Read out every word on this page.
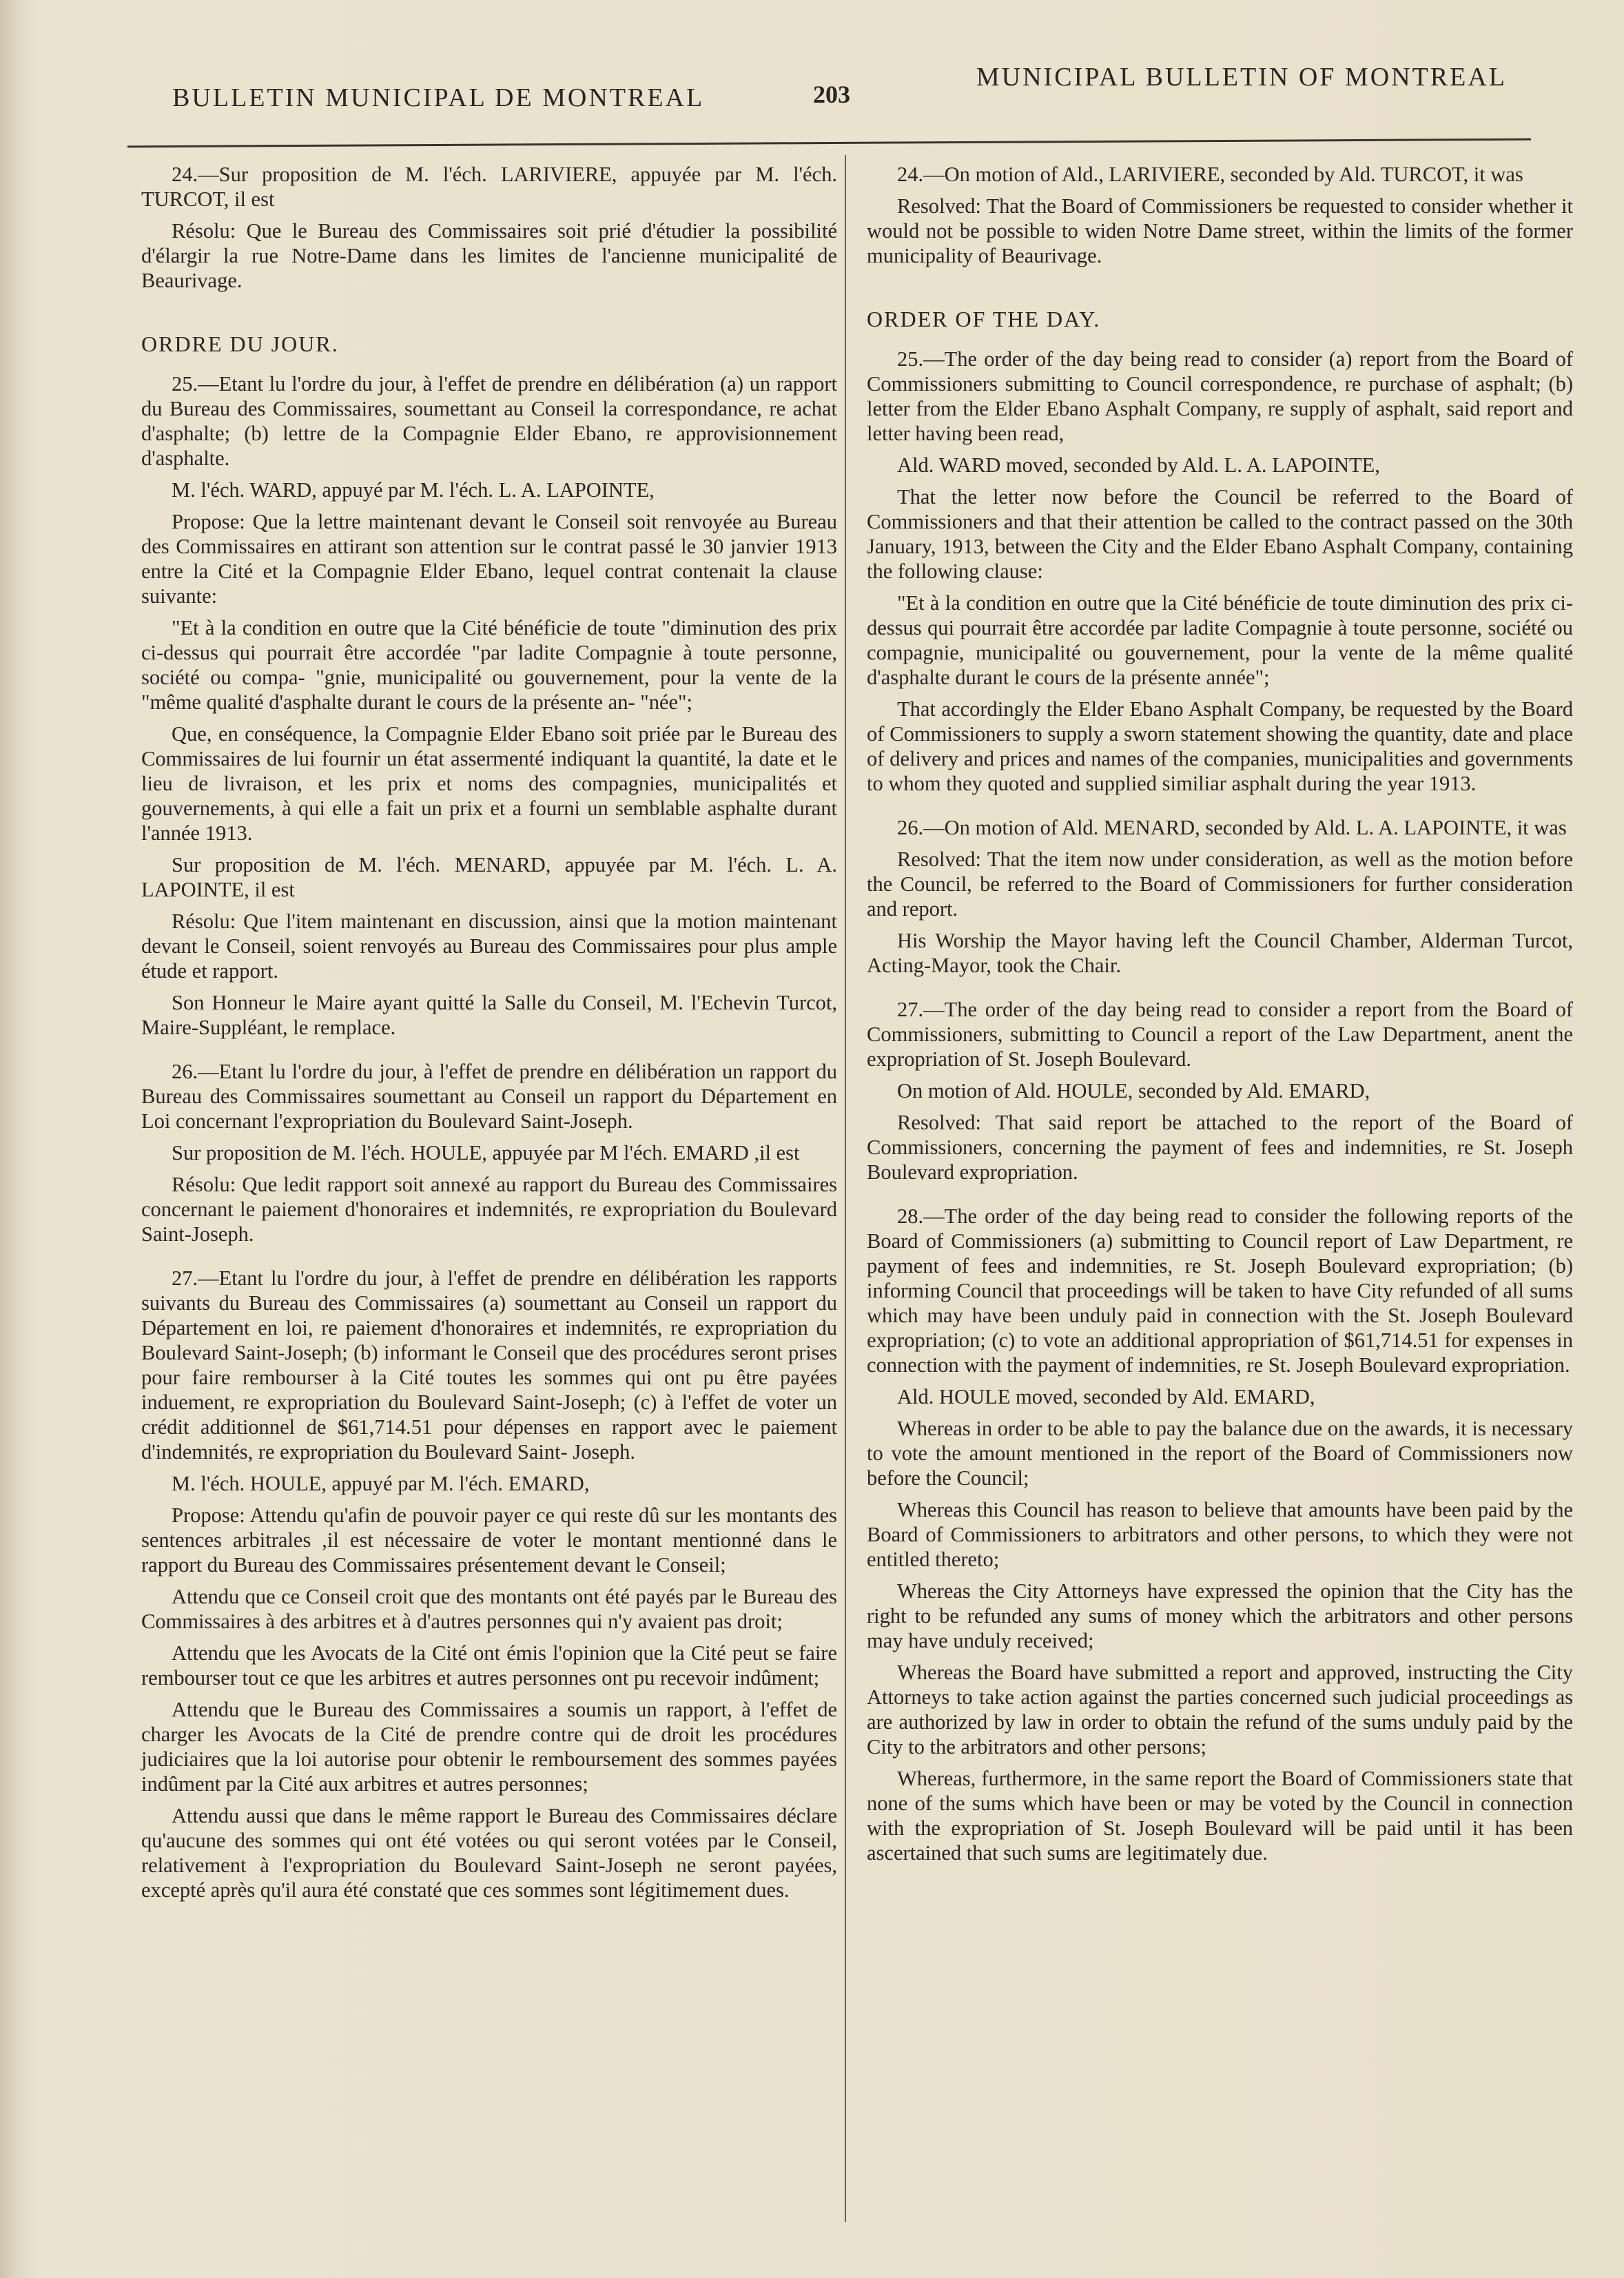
BULLETIN MUNICIPAL DE MONTREAL	203
MUNICIPAL BULLETIN OF MONTREAL

24.—Sur proposition de M. l'éch. LARIVIERE, appuyée par M. l'éch. TURCOT, il est

Résolu: Que le Bureau des Commissaires soit prié d'étudier la possibilité d'élargir la rue Notre-Dame dans les limites de l'ancienne municipalité de Beaurivage.

ORDRE DU JOUR.

25.—Etant lu l'ordre du jour, à l'effet de prendre en délibération (a) un rapport du Bureau des Commissaires, soumettant au Conseil la correspondance, re achat d'asphalte; (b) lettre de la Compagnie Elder Ebano, re approvisionnement d'asphalte.

M. l'éch. WARD, appuyé par M. l'éch. L. A. LAPOINTE,

Propose: Que la lettre maintenant devant le Conseil soit renvoyée au Bureau des Commissaires en attirant son attention sur le contrat passé le 30 janvier 1913 entre la Cité et la Compagnie Elder Ebano, lequel contrat contenait la clause suivante:

"Et à la condition en outre que la Cité bénéficie de toute "diminution des prix ci-dessus qui pourrait être accordée "par ladite Compagnie à toute personne, société ou compa- "gnie, municipalité ou gouvernement, pour la vente de la "même qualité d'asphalte durant le cours de la présente an- "née";

Que, en conséquence, la Compagnie Elder Ebano soit priée par le Bureau des Commissaires de lui fournir un état assermenté indiquant la quantité, la date et le lieu de livraison, et les prix et noms des compagnies, municipalités et gouvernements, à qui elle a fait un prix et a fourni un semblable asphalte durant l'année 1913.

Sur proposition de M. l'éch. MENARD, appuyée par M. l'éch. L. A. LAPOINTE, il est

Résolu: Que l'item maintenant en discussion, ainsi que la motion maintenant devant le Conseil, soient renvoyés au Bureau des Commissaires pour plus ample étude et rapport.

Son Honneur le Maire ayant quitté la Salle du Conseil, M. l'Echevin Turcot, Maire-Suppléant, le remplace.

26.—Etant lu l'ordre du jour, à l'effet de prendre en délibération un rapport du Bureau des Commissaires soumettant au Conseil un rapport du Département en Loi concernant l'expropriation du Boulevard Saint-Joseph.

Sur proposition de M. l'éch. HOULE, appuyée par M l'éch. EMARD ,il est

Résolu: Que ledit rapport soit annexé au rapport du Bureau des Commissaires concernant le paiement d'honoraires et indemnités, re expropriation du Boulevard Saint-Joseph.

27.—Etant lu l'ordre du jour, à l'effet de prendre en délibération les rapports suivants du Bureau des Commissaires (a) soumettant au Conseil un rapport du Département en loi, re paiement d'honoraires et indemnités, re expropriation du Boulevard Saint-Joseph; (b) informant le Conseil que des procédures seront prises pour faire rembourser à la Cité toutes les sommes qui ont pu être payées induement, re expropriation du Boulevard Saint-Joseph; (c) à l'effet de voter un crédit additionnel de $61,714.51 pour dépenses en rapport avec le paiement d'indemnités, re expropriation du Boulevard Saint- Joseph.

M. l'éch. HOULE, appuyé par M. l'éch. EMARD,

Propose: Attendu qu'afin de pouvoir payer ce qui reste dû sur les montants des sentences arbitrales ,il est nécessaire de voter le montant mentionné dans le rapport du Bureau des Commissaires présentement devant le Conseil;

Attendu que ce Conseil croit que des montants ont été payés par le Bureau des Commissaires à des arbitres et à d'autres personnes qui n'y avaient pas droit;

Attendu que les Avocats de la Cité ont émis l'opinion que la Cité peut se faire rembourser tout ce que les arbitres et autres personnes ont pu recevoir indûment;

Attendu que le Bureau des Commissaires a soumis un rapport, à l'effet de charger les Avocats de la Cité de prendre contre qui de droit les procédures judiciaires que la loi autorise pour obtenir le remboursement des sommes payées indûment par la Cité aux arbitres et autres personnes;

Attendu aussi que dans le même rapport le Bureau des Commissaires déclare qu'aucune des sommes qui ont été votées ou qui seront votées par le Conseil, relativement à l'expropriation du Boulevard Saint-Joseph ne seront payées, excepté après qu'il aura été constaté que ces sommes sont légitimement dues.

24.—On motion of Ald., LARIVIERE, seconded by Ald. TURCOT, it was

Resolved: That the Board of Commissioners be requested to consider whether it would not be possible to widen Notre Dame street, within the limits of the former municipality of Beaurivage.

ORDER OF THE DAY.

25.—The order of the day being read to consider (a) report from the Board of Commissioners submitting to Council correspondence, re purchase of asphalt; (b) letter from the Elder Ebano Asphalt Company, re supply of asphalt, said report and letter having been read,

Ald. WARD moved, seconded by Ald. L. A. LAPOINTE,

That the letter now before the Council be referred to the Board of Commissioners and that their attention be called to the contract passed on the 30th January, 1913, between the City and the Elder Ebano Asphalt Company, containing the following clause:

"Et à la condition en outre que la Cité bénéficie de toute diminution des prix ci-dessus qui pourrait être accordée par ladite Compagnie à toute personne, société ou compagnie, municipalité ou gouvernement, pour la vente de la même qualité d'asphalte durant le cours de la présente année";

That accordingly the Elder Ebano Asphalt Company, be requested by the Board of Commissioners to supply a sworn statement showing the quantity, date and place of delivery and prices and names of the companies, municipalities and governments to whom they quoted and supplied similiar asphalt during the year 1913.

26.—On motion of Ald. MENARD, seconded by Ald. L. A. LAPOINTE, it was

Resolved: That the item now under consideration, as well as the motion before the Council, be referred to the Board of Commissioners for further consideration and report.

His Worship the Mayor having left the Council Chamber, Alderman Turcot, Acting-Mayor, took the Chair.

27.—The order of the day being read to consider a report from the Board of Commissioners, submitting to Council a report of the Law Department, anent the expropriation of St. Joseph Boulevard.

On motion of Ald. HOULE, seconded by Ald. EMARD,

Resolved: That said report be attached to the report of the Board of Commissioners, concerning the payment of fees and indemnities, re St. Joseph Boulevard expropriation.

28.—The order of the day being read to consider the following reports of the Board of Commissioners (a) submitting to Council report of Law Department, re payment of fees and indemnities, re St. Joseph Boulevard expropriation; (b) informing Council that proceedings will be taken to have City refunded of all sums which may have been unduly paid in connection with the St. Joseph Boulevard expropriation; (c) to vote an additional appropriation of $61,714.51 for expenses in connection with the payment of indemnities, re St. Joseph Boulevard expropriation.

Ald. HOULE moved, seconded by Ald. EMARD,

Whereas in order to be able to pay the balance due on the awards, it is necessary to vote the amount mentioned in the report of the Board of Commissioners now before the Council;

Whereas this Council has reason to believe that amounts have been paid by the Board of Commissioners to arbitrators and other persons, to which they were not entitled thereto;

Whereas the City Attorneys have expressed the opinion that the City has the right to be refunded any sums of money which the arbitrators and other persons may have unduly received;

Whereas the Board have submitted a report and approved, instructing the City Attorneys to take action against the parties concerned such judicial proceedings as are authorized by law in order to obtain the refund of the sums unduly paid by the City to the arbitrators and other persons;

Whereas, furthermore, in the same report the Board of Commissioners state that none of the sums which have been or may be voted by the Council in connection with the expropriation of St. Joseph Boulevard will be paid until it has been ascertained that such sums are legitimately due.
